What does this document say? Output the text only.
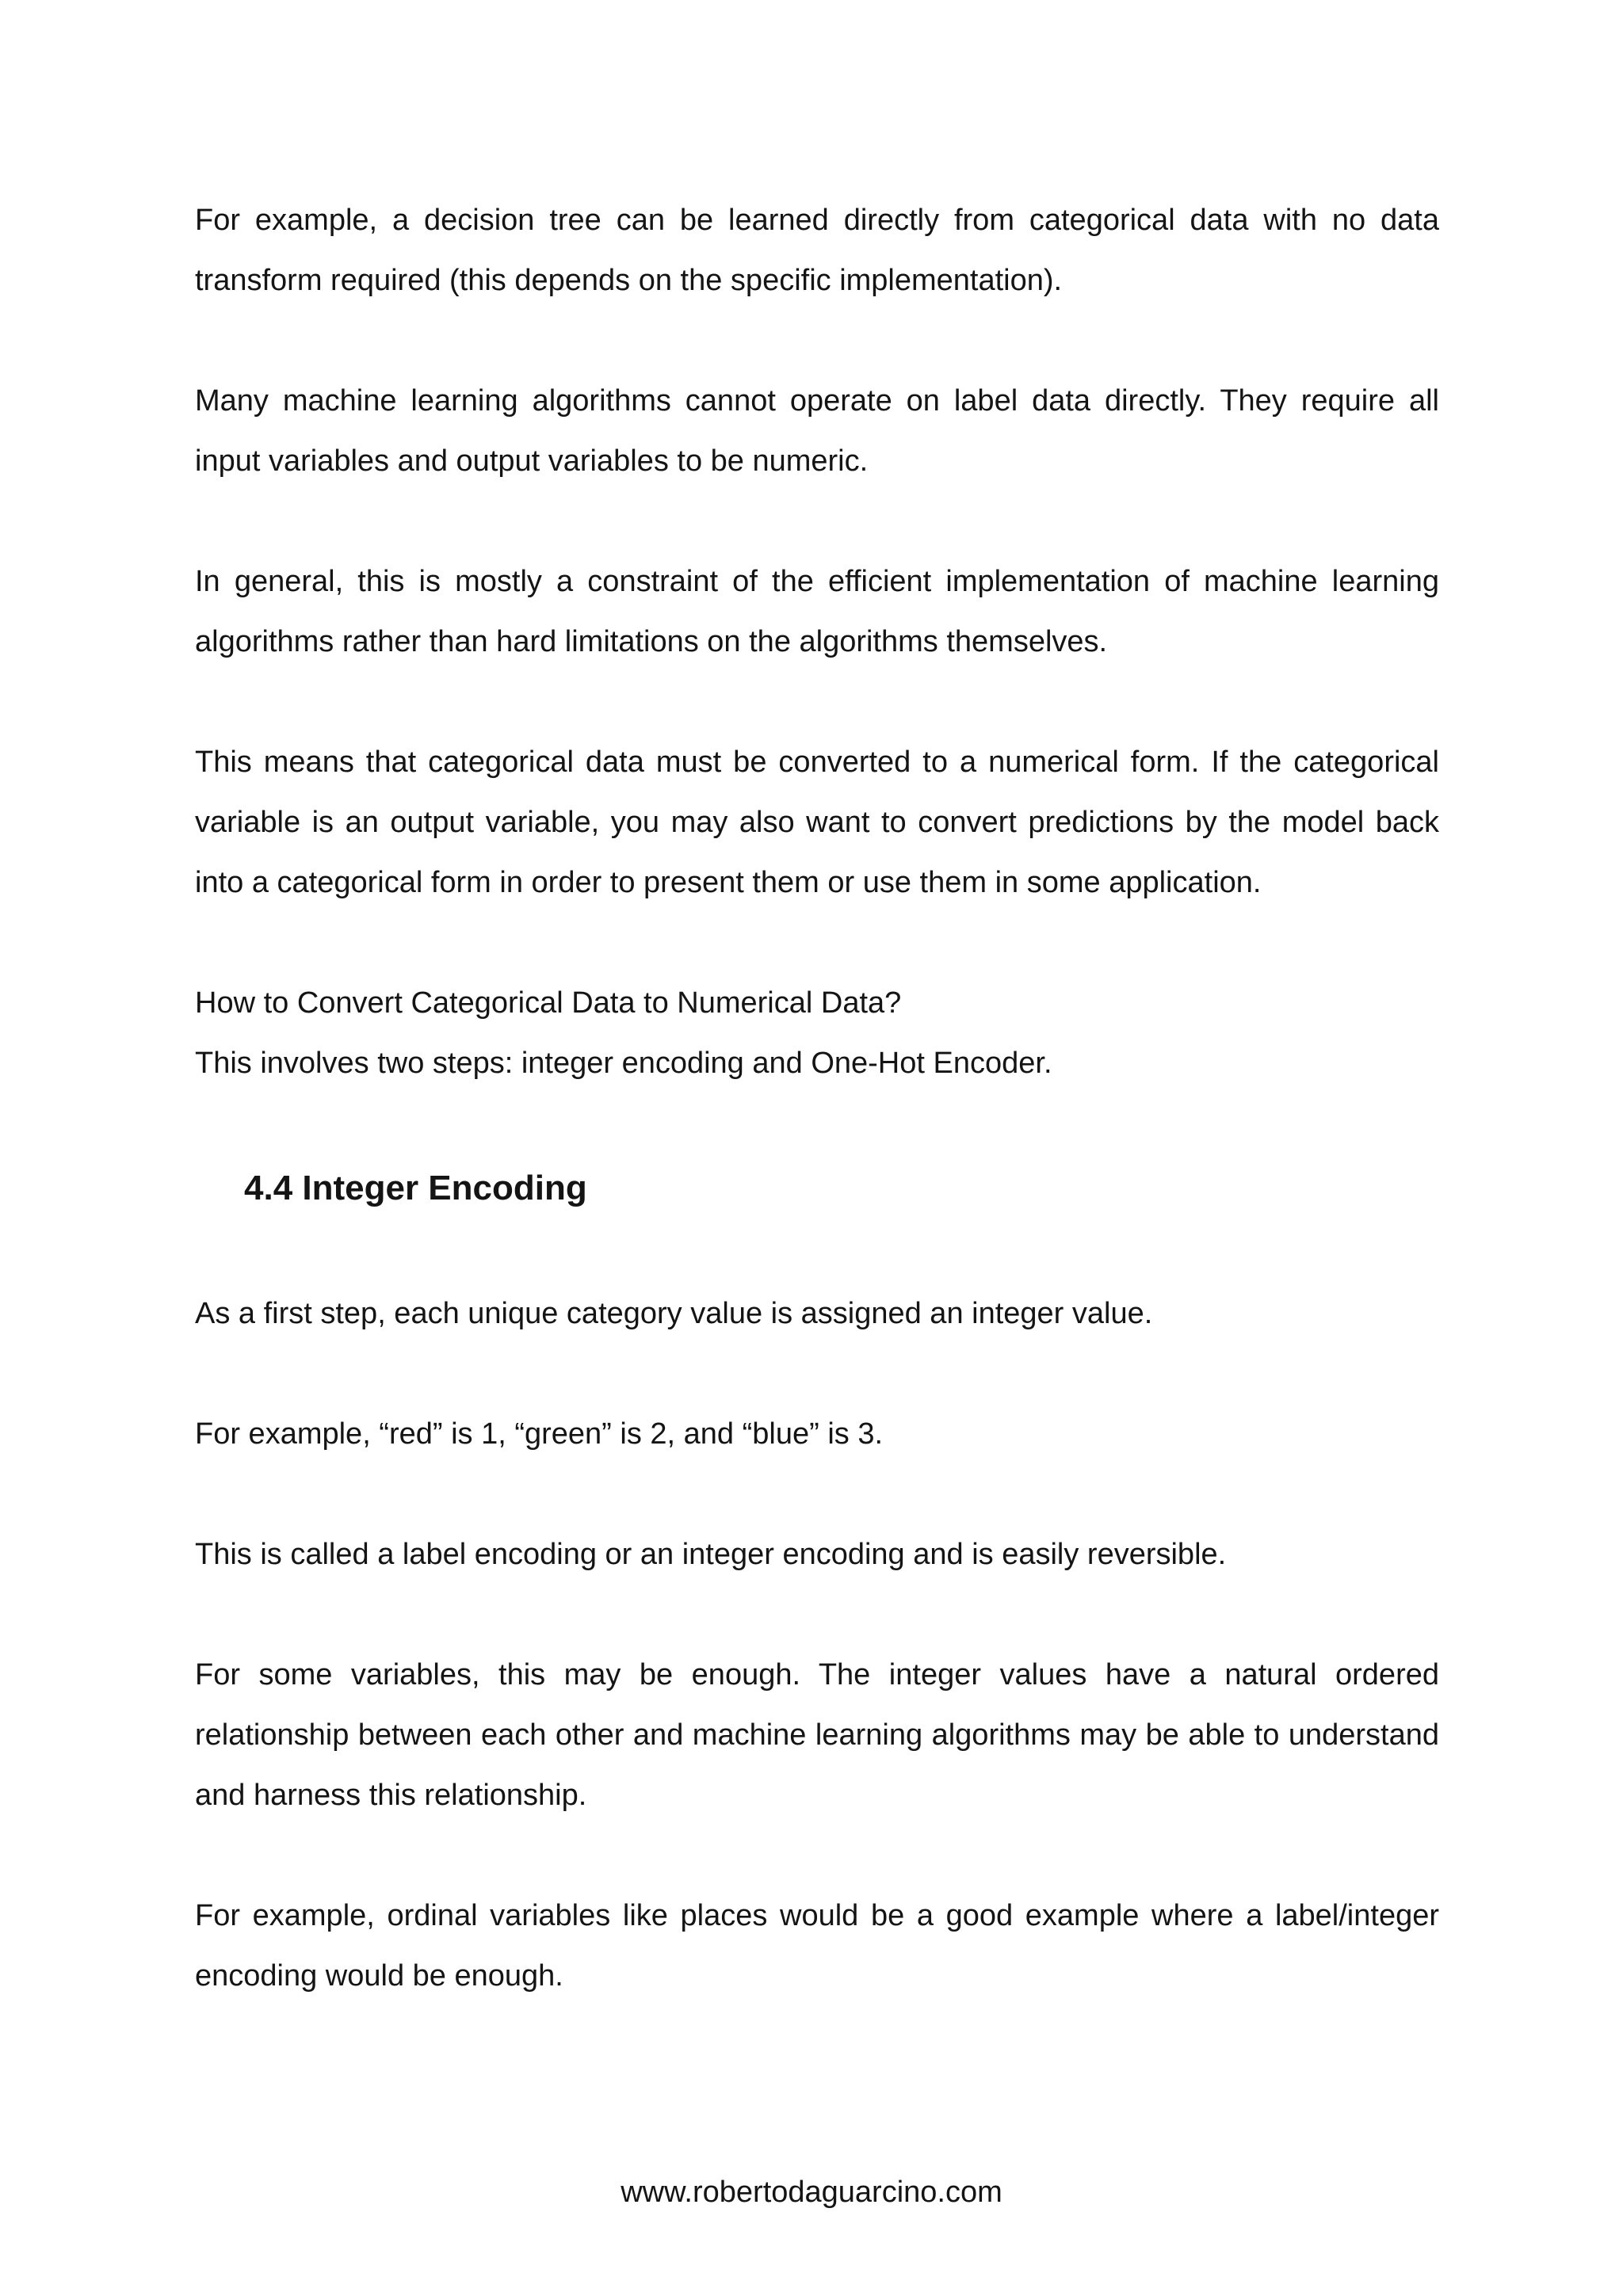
For example, a decision tree can be learned directly from categorical data with no data transform required (this depends on the specific implementation).

Many machine learning algorithms cannot operate on label data directly. They require all input variables and output variables to be numeric.

In general, this is mostly a constraint of the efficient implementation of machine learning algorithms rather than hard limitations on the algorithms themselves.

This means that categorical data must be converted to a numerical form. If the categorical variable is an output variable, you may also want to convert predictions by the model back into a categorical form in order to present them or use them in some application.

How to Convert Categorical Data to Numerical Data?

This involves two steps: integer encoding and One-Hot Encoder.

4.4 Integer Encoding

As a first step, each unique category value is assigned an integer value.

For example, “red” is 1, “green” is 2, and “blue” is 3.

This is called a label encoding or an integer encoding and is easily reversible.

For some variables, this may be enough. The integer values have a natural ordered relationship between each other and machine learning algorithms may be able to understand and harness this relationship.

For example, ordinal variables like places would be a good example where a label/integer encoding would be enough.

www.robertodaguarcino.com
